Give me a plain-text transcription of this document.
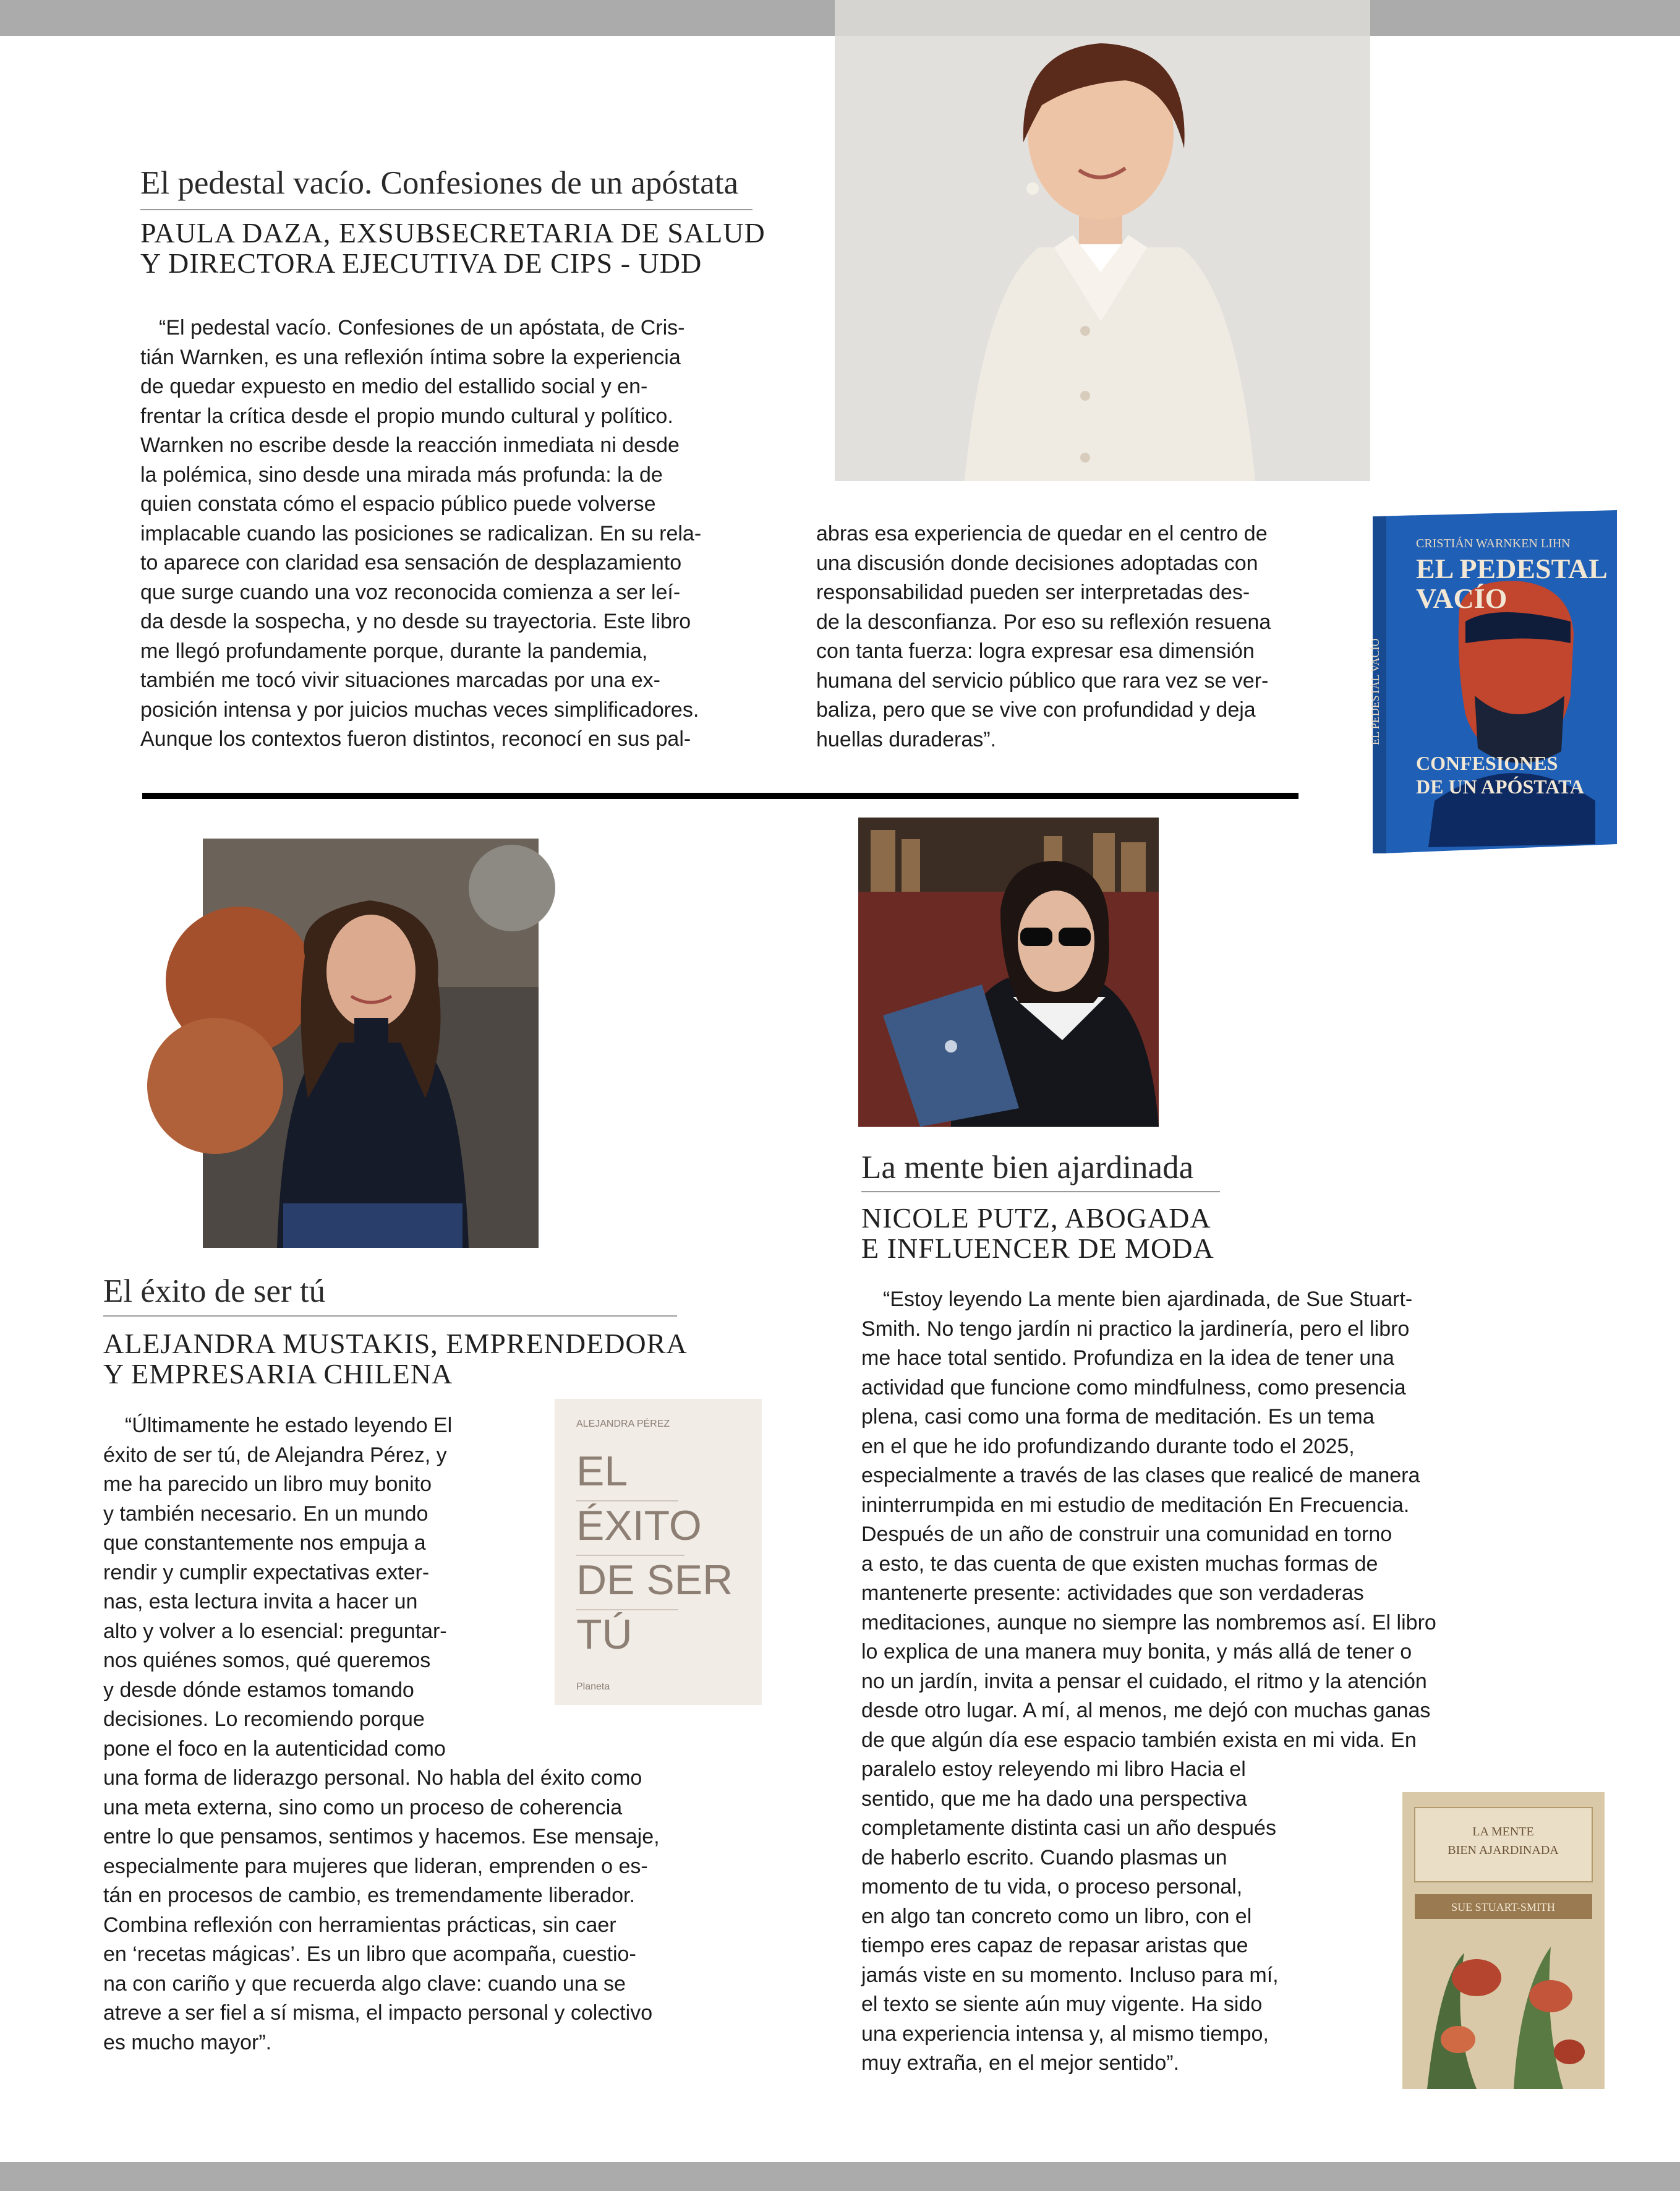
El pedestal vacío. Confesiones de un apóstata
PAULA DAZA, EXSUBSECRETARIA DE SALUD
Y DIRECTORA EJECUTIVA DE CIPS - UDD
“El pedestal vacío. Confesiones de un apóstata, de Cris-
tián Warnken, es una reflexión íntima sobre la experiencia
de quedar expuesto en medio del estallido social y en-
frentar la crítica desde el propio mundo cultural y político.
Warnken no escribe desde la reacción inmediata ni desde
la polémica, sino desde una mirada más profunda: la de
quien constata cómo el espacio público puede volverse
implacable cuando las posiciones se radicalizan. En su rela-
to aparece con claridad esa sensación de desplazamiento
que surge cuando una voz reconocida comienza a ser leí-
da desde la sospecha, y no desde su trayectoria. Este libro
me llegó profundamente porque, durante la pandemia,
también me tocó vivir situaciones marcadas por una ex-
posición intensa y por juicios muchas veces simplificadores.
Aunque los contextos fueron distintos, reconocí en sus pal-
abras esa experiencia de quedar en el centro de
una discusión donde decisiones adoptadas con
responsabilidad pueden ser interpretadas des-
de la desconfianza. Por eso su reflexión resuena
con tanta fuerza: logra expresar esa dimensión
humana del servicio público que rara vez se ver-
baliza, pero que se vive con profundidad y deja
huellas duraderas”.	EL PEDESTAL VACÍO
CRISTIÁN WARNKEN LIHN
EL PEDESTAL
VACÍO
CONFESIONES
DE UN APÓSTATA
El éxito de ser tú
ALEJANDRA MUSTAKIS, EMPRENDEDORA
Y EMPRESARIA CHILENA
“Últimamente he estado leyendo El
éxito de ser tú, de Alejandra Pérez, y
me ha parecido un libro muy bonito
y también necesario. En un mundo
que constantemente nos empuja a
rendir y cumplir expectativas exter-
nas, esta lectura invita a hacer un
alto y volver a lo esencial: preguntar-
nos quiénes somos, qué queremos
y desde dónde estamos tomando
decisiones. Lo recomiendo porque
pone el foco en la autenticidad como
una forma de liderazgo personal. No habla del éxito como
una meta externa, sino como un proceso de coherencia
entre lo que pensamos, sentimos y hacemos. Ese mensaje,
especialmente para mujeres que lideran, emprenden o es-
tán en procesos de cambio, es tremendamente liberador.
Combina reflexión con herramientas prácticas, sin caer
en ‘recetas mágicas’. Es un libro que acompaña, cuestio-
na con cariño y que recuerda algo clave: cuando una se
atreve a ser fiel a sí misma, el impacto personal y colectivo
es mucho mayor”.
ALEJANDRA PÉREZ
EL
ÉXITO
DE SER
TÚ
Planeta
La mente bien ajardinada
NICOLE PUTZ, ABOGADA
E INFLUENCER DE MODA
“Estoy leyendo La mente bien ajardinada, de Sue Stuart-
Smith. No tengo jardín ni practico la jardinería, pero el libro
me hace total sentido. Profundiza en la idea de tener una
actividad que funcione como mindfulness, como presencia
plena, casi como una forma de meditación. Es un tema
en el que he ido profundizando durante todo el 2025,
especialmente a través de las clases que realicé de manera
ininterrumpida en mi estudio de meditación En Frecuencia.
Después de un año de construir una comunidad en torno
a esto, te das cuenta de que existen muchas formas de
mantenerte presente: actividades que son verdaderas
meditaciones, aunque no siempre las nombremos así. El libro
lo explica de una manera muy bonita, y más allá de tener o
no un jardín, invita a pensar el cuidado, el ritmo y la atención
desde otro lugar. A mí, al menos, me dejó con muchas ganas
de que algún día ese espacio también exista en mi vida. En
paralelo estoy releyendo mi libro Hacia el
sentido, que me ha dado una perspectiva
completamente distinta casi un año después
de haberlo escrito. Cuando plasmas un
momento de tu vida, o proceso personal,
en algo tan concreto como un libro, con el
tiempo eres capaz de repasar aristas que
jamás viste en su momento. Incluso para mí,
el texto se siente aún muy vigente. Ha sido
una experiencia intensa y, al mismo tiempo,
muy extraña, en el mejor sentido”.
LA MENTE
BIEN AJARDINADA
SUE STUART-SMITH
